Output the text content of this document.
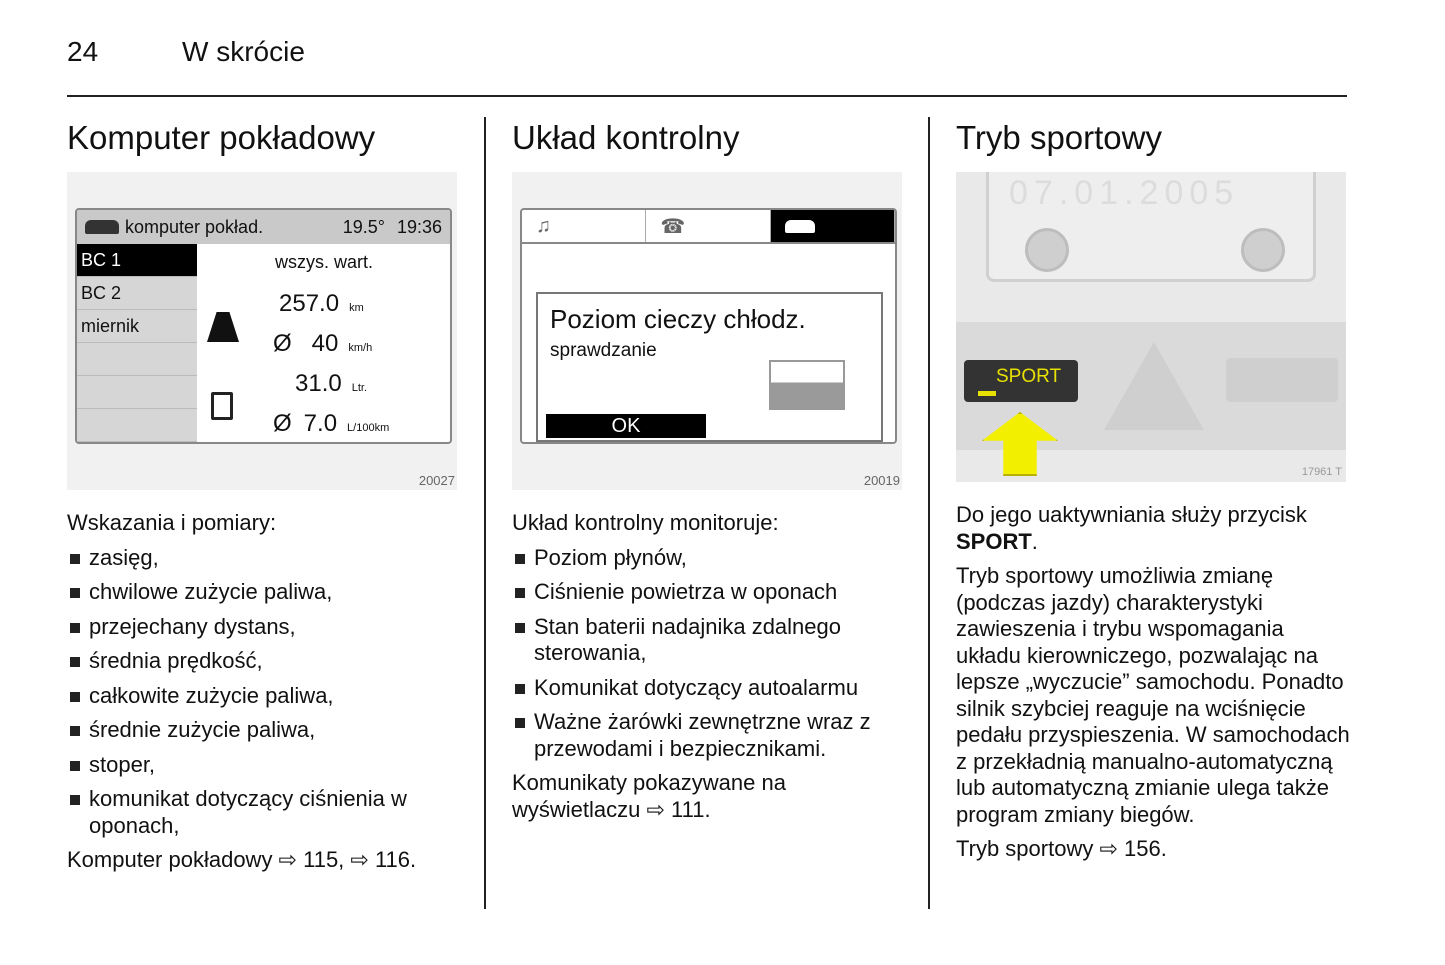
24	W skrócie
Komputer pokładowy
komputer pokład.	19.5° 19:36
BC 1
BC 2
miernik
wszys. wart.
257.0 km
Ø 40 km/h
31.0 Ltr.
Ø 7.0 L/100km
20027

Wskazania i pomiary:

zasięg,
chwilowe zużycie paliwa,
przejechany dystans,
średnia prędkość,
całkowite zużycie paliwa,
średnie zużycie paliwa,
stoper,
komunikat dotyczący ciśnienia w oponach,

Komputer pokładowy ⇨ 115, ⇨ 116.

Układ kontrolny
♫	☎
Poziom cieczy chłodz.
sprawdzanie
OK
20019

Układ kontrolny monitoruje:

Poziom płynów,
Ciśnienie powietrza w oponach
Stan baterii nadajnika zdalnego sterowania,
Komunikat dotyczący autoalarmu
Ważne żarówki zewnętrzne wraz z przewodami i bezpiecznikami.

Komunikaty pokazywane na wyświetlaczu ⇨ 111.

Tryb sportowy
07.01.2005
SPORT
17961 T

Do jego uaktywniania służy przycisk SPORT.

Tryb sportowy umożliwia zmianę (podczas jazdy) charakterystyki zawieszenia i trybu wspomagania układu kierowniczego, pozwalając na lepsze „wyczucie” samochodu. Ponadto silnik szybciej reaguje na wciśnięcie pedału przyspieszenia. W samochodach z przekładnią manualno-automatyczną lub automatyczną zmianie ulega także program zmiany biegów.

Tryb sportowy ⇨ 156.
